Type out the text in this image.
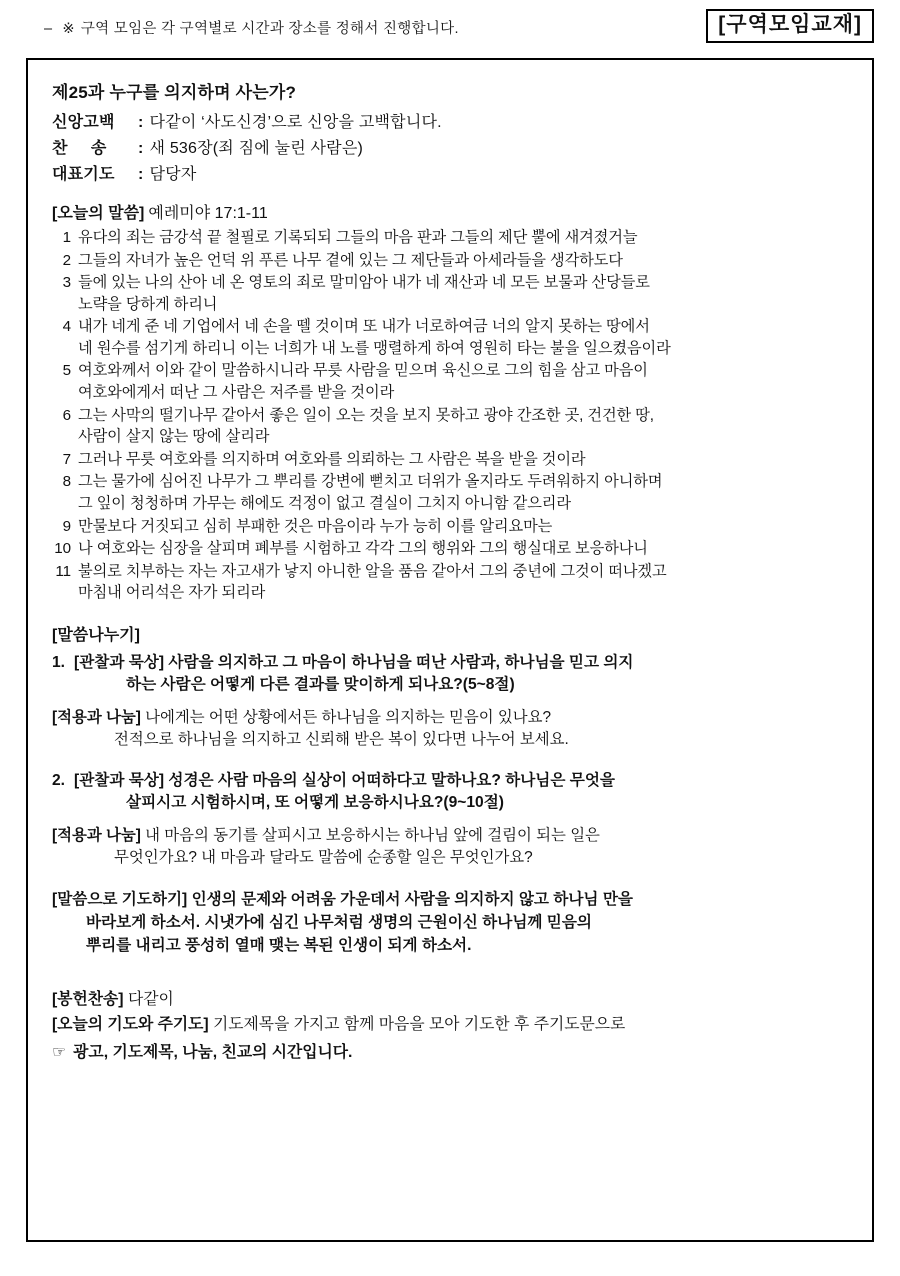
– ※ 구역 모임은 각 구역별로 시간과 장소를 정해서 진행합니다.	[구역모임교재]
제25과 누구를 의지하며 사는가?
신앙고백	: 다같이 ‘사도신경’으로 신앙을 고백합니다.
찬     송	: 새 536장(죄 짐에 눌린 사람은)
대표기도	: 담당자
[오늘의 말씀] 예레미야 17:1-11
1 유다의 죄는 금강석 끝 철필로 기록되되 그들의 마음 판과 그들의 제단 뿔에 새겨졌거늘
2 그들의 자녀가 높은 언덕 위 푸른 나무 곁에 있는 그 제단들과 아세라들을 생각하도다
3 들에 있는 나의 산아 네 온 영토의 죄로 말미암아 내가 네 재산과 네 모든 보물과 산당들로
노략을 당하게 하리니
4 내가 네게 준 네 기업에서 네 손을 뗄 것이며 또 내가 너로하여금 너의 알지 못하는 땅에서
네 원수를 섬기게 하리니 이는 너희가 내 노를 맹렬하게 하여 영원히 타는 불을 일으켰음이라
5 여호와께서 이와 같이 말씀하시니라 무릇 사람을 믿으며 육신으로 그의 힘을 삼고 마음이
여호와에게서 떠난 그 사람은 저주를 받을 것이라
6 그는 사막의 떨기나무 같아서 좋은 일이 오는 것을 보지 못하고 광야 간조한 곳, 건건한 땅,
사람이 살지 않는 땅에 살리라
7 그러나 무릇 여호와를 의지하며 여호와를 의뢰하는 그 사람은 복을 받을 것이라
8 그는 물가에 심어진 나무가 그 뿌리를 강변에 뻗치고 더위가 올지라도 두려워하지 아니하며
그 잎이 청청하며 가무는 해에도 걱정이 없고 결실이 그치지 아니함 같으리라
9 만물보다 거짓되고 심히 부패한 것은 마음이라 누가 능히 이를 알리요마는
10 나 여호와는 심장을 살피며 폐부를 시험하고 각각 그의 행위와 그의 행실대로 보응하나니
11 불의로 치부하는 자는 자고새가 낳지 아니한 알을 품음 같아서 그의 중년에 그것이 떠나겠고
마침내 어리석은 자가 되리라
[말씀나누기]
1. [관찰과 묵상] 사람을 의지하고 그 마음이 하나님을 떠난 사람과, 하나님을 믿고 의지
하는 사람은 어떻게 다른 결과를 맞이하게 되나요?(5~8절)
[적용과 나눔] 나에게는 어떤 상황에서든 하나님을 의지하는 믿음이 있나요?
전적으로 하나님을 의지하고 신뢰해 받은 복이 있다면 나누어 보세요.
2. [관찰과 묵상] 성경은 사람 마음의 실상이 어떠하다고 말하나요? 하나님은 무엇을
살피시고 시험하시며, 또 어떻게 보응하시나요?(9~10절)
[적용과 나눔] 내 마음의 동기를 살피시고 보응하시는 하나님 앞에 걸림이 되는 일은
무엇인가요? 내 마음과 달라도 말씀에 순종할 일은 무엇인가요?
[말씀으로 기도하기] 인생의 문제와 어려움 가운데서 사람을 의지하지 않고 하나님 만을
바라보게 하소서. 시냇가에 심긴 나무처럼 생명의 근원이신 하나님께 믿음의
뿌리를 내리고 풍성히 열매 맺는 복된 인생이 되게 하소서.
[봉헌찬송] 다같이
[오늘의 기도와 주기도] 기도제목을 가지고 함께 마음을 모아 기도한 후 주기도문으로
☞ 광고, 기도제목, 나눔, 친교의 시간입니다.
